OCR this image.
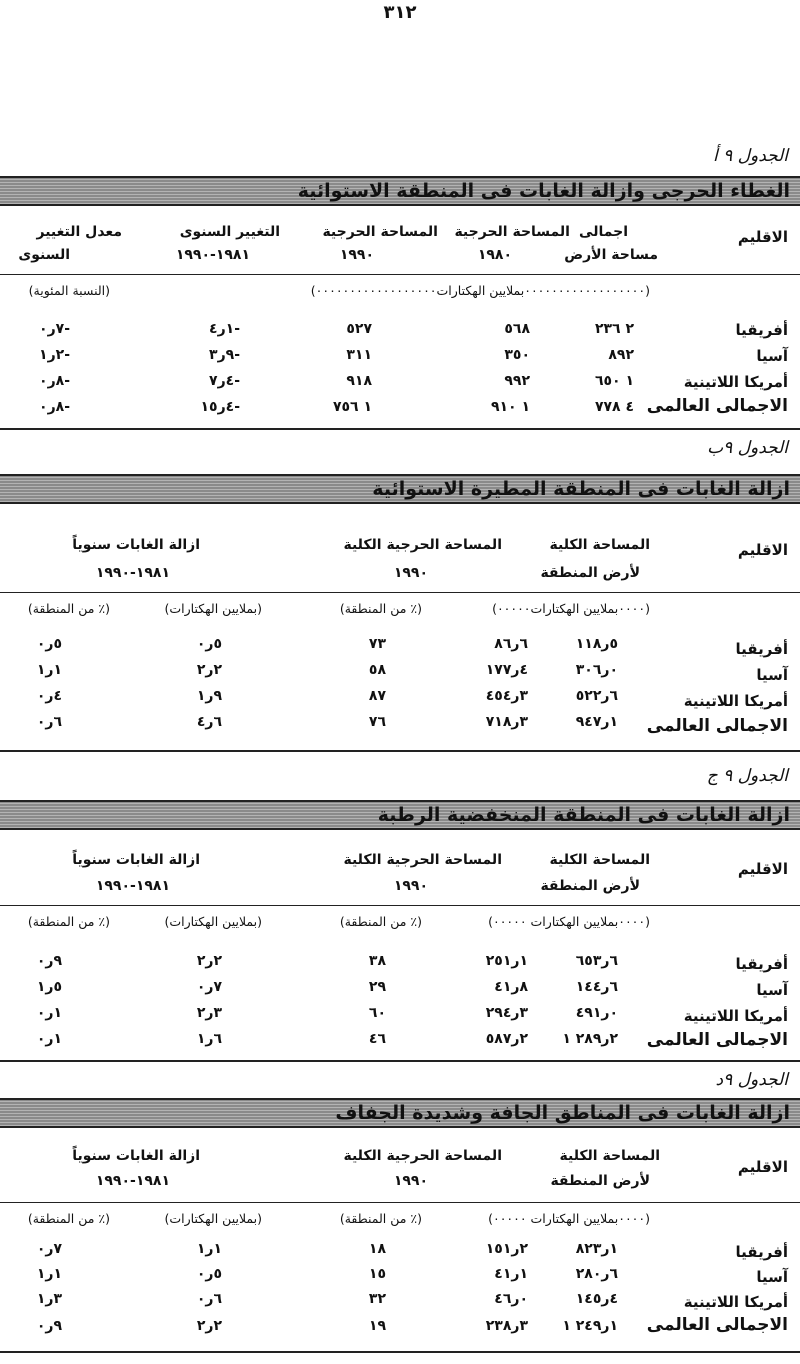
٣١٢
الجدول ٩ أ
الغطاء الحرجى وازالة الغابات فى المنطقة الاستوائية
الاقليم
اجمالى
مساحة الأرض
المساحة الحرجية
١٩٨٠
المساحة الحرجية
١٩٩٠
التغيير السنوى
١٩٨١-١٩٩٠
معدل التغيير
السنوى
(٠٠٠٠٠٠٠٠٠٠٠٠٠٠٠٠٠٠بملايين الهكتارات٠٠٠٠٠٠٠٠٠٠٠٠٠٠٠٠٠٠)
(النسبة المئوية)
أفريقيا
٢ ٢٣٦
٥٦٨
٥٢٧
-١ر٤
-٧ر٠
آسيا
٨٩٢
٣٥٠
٣١١
-٩ر٣
-٢ر١
أمريكا اللاتينية
١ ٦٥٠
٩٩٢
٩١٨
-٤ر٧
-٨ر٠
الاجمالى العالمى
٤ ٧٧٨
١ ٩١٠
١ ٧٥٦
-٤ر١٥
-٨ر٠
الجدول ٩ب
ازالة الغابات فى المنطقة المطيرة الاستوائية
الاقليم
المساحة الكلية
لأرض المنطقة
المساحة الحرجية الكلية
١٩٩٠
ازالة الغابات سنوياً
١٩٨١-١٩٩٠
(٠٠٠٠بملايين الهكتارات٠٠٠٠٠)
(٪ من المنطقة)
(بملايين الهكتارات)
(٪ من المنطقة)
أفريقيا
٥ر١١٨
٦ر٨٦
٧٣
٥ر٠
٥ر٠
آسيا
٠ر٣٠٦
٤ر١٧٧
٥٨
٢ر٢
١ر١
أمريكا اللاتينية
٦ر٥٢٢
٣ر٤٥٤
٨٧
٩ر١
٤ر٠
الاجمالى العالمى
١ر٩٤٧
٣ر٧١٨
٧٦
٦ر٤
٦ر٠
الجدول ٩ ج
ازالة الغابات فى المنطقة المنخفضية الرطبة
الاقليم
المساحة الكلية
لأرض المنطقة
المساحة الحرجية الكلية
١٩٩٠
ازالة الغابات سنوياً
١٩٨١-١٩٩٠
(٠٠٠٠بملايين الهكتارات ٠٠٠٠٠)
(٪ من المنطقة)
(بملايين الهكتارات)
(٪ من المنطقة)
أفريقيا
٦ر٦٥٣
١ر٢٥١
٣٨
٢ر٢
٩ر٠
آسيا
٦ر١٤٤
٨ر٤١
٢٩
٧ر٠
٥ر١
أمريكا اللاتينية
٠ر٤٩١
٣ر٢٩٤
٦٠
٣ر٢
١ر٠
الاجمالى العالمى
٢ر٢٨٩ ١
٢ر٥٨٧
٤٦
٦ر١
١ر٠
الجدول ٩د
ازالة الغابات فى المناطق الجافة وشديدة الجفاف
الاقليم
المساحة الكلية
لأرض المنطقة
المساحة الحرجية الكلية
١٩٩٠
ازالة الغابات سنوياً
١٩٨١-١٩٩٠
(٠٠٠٠بملايين الهكتارات ٠٠٠٠٠)
(٪ من المنطقة)
(بملايين الهكتارات)
(٪ من المنطقة)
أفريقيا
١ر٨٢٣
٢ر١٥١
١٨
١ر١
٧ر٠
آسيا
٦ر٢٨٠
١ر٤١
١٥
٥ر٠
١ر١
أمريكا اللاتينية
٤ر١٤٥
٠ر٤٦
٣٢
٦ر٠
٣ر١
الاجمالى العالمى
١ر٢٤٩ ١
٣ر٢٣٨
١٩
٢ر٢
٩ر٠
